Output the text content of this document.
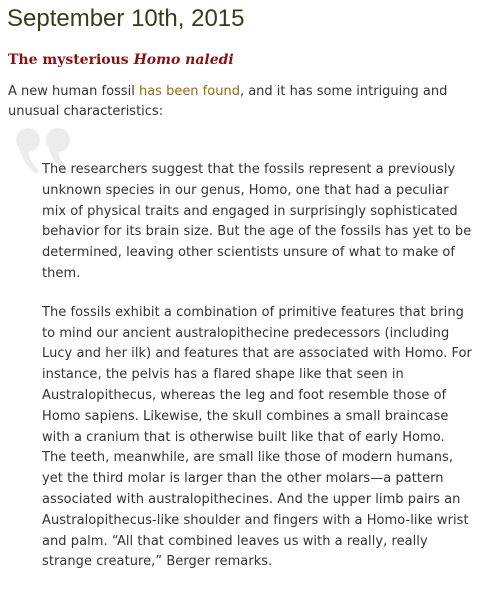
September 10th, 2015
The mysterious Homo naledi

A new human fossil has been found, and it has some intriguing and unusual characteristics:

The researchers suggest that the fossils represent a previously unknown species in our genus, Homo, one that had a peculiar mix of physical traits and engaged in surprisingly sophisticated behavior for its brain size. But the age of the fossils has yet to be determined, leaving other scientists unsure of what to make of them.

The fossils exhibit a combination of primitive features that bring to mind our ancient australopithecine predecessors (including Lucy and her ilk) and features that are associated with Homo. For instance, the pelvis has a flared shape like that seen in Australopithecus, whereas the leg and foot resemble those of Homo sapiens. Likewise, the skull combines a small braincase with a cranium that is otherwise built like that of early Homo. The teeth, meanwhile, are small like those of modern humans, yet the third molar is larger than the other molars—a pattern associated with australopithecines. And the upper limb pairs an Australopithecus-like shoulder and fingers with a Homo-like wrist and palm. “All that combined leaves us with a really, really strange creature,” Berger remarks.
